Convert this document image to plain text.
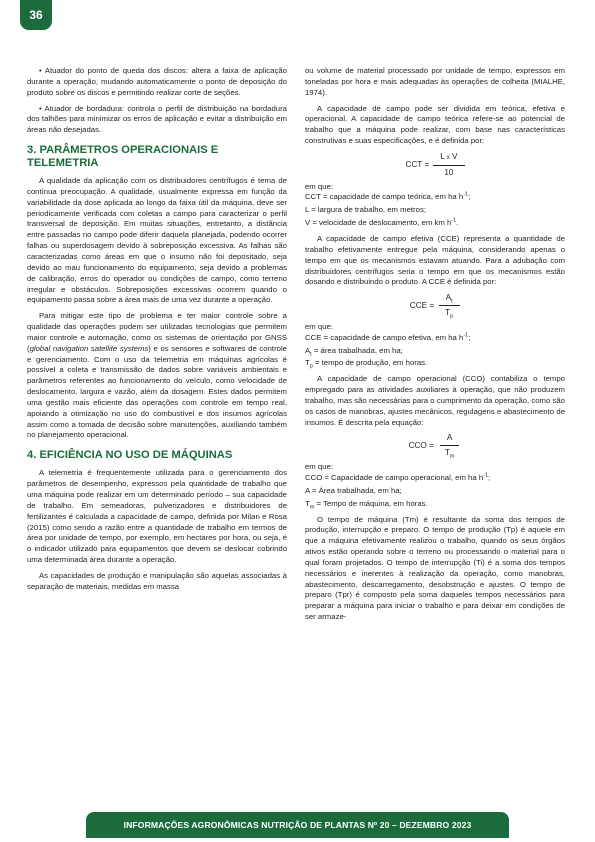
36

• Atuador do ponto de queda dos discos: altera a faixa de aplicação durante a operação, mudando automaticamente o ponto de deposição do produto sobre os discos e permitindo realizar corte de seções.

• Atuador de bordadura: controla o perfil de distribuição na bordadura dos talhões para minimizar os erros de aplicação e evitar a distribuição em áreas não desejadas.

3. PARÂMETROS OPERACIONAIS E TELEMETRIA

A qualidade da aplicação com os distribuidores centrífugos é tema de contínua preocupação. A qualidade, usualmente expressa em função da variabilidade da dose aplicada ao longo da faixa útil da máquina, deve ser periodicamente verificada com coletas a campo para caracterizar o perfil transversal de deposição. Em muitas situações, entretanto, a distância entre passadas no campo pode diferir daquela planejada, podendo ocorrer falhas ou superdosagem devido à sobreposição excessiva. As falhas são caracterizadas como áreas em que o insumo não foi depositado, seja devido ao mau funcionamento do equipamento, seja devido a problemas de calibração, erros do operador ou condições de campo, como terreno irregular e obstáculos. Sobreposições excessivas ocorrem quando o equipamento passa sobre a área mais de uma vez durante a operação.

Para mitigar este tipo de problema e ter maior controle sobre a qualidade das operações podem ser utilizadas tecnologias que permitem maior controle e automação, como os sistemas de orientação por GNSS (global navigation satellite systems) e os sensores e softwares de controle e gerenciamento. Com o uso da telemetria em máquinas agrícolas é possível a coleta e transmissão de dados sobre variáveis ambientais e parâmetros referentes ao funcionamento do veículo, como velocidade de deslocamento, largura e vazão, além da dosagem. Estes dados permitem uma gestão mais eficiente das operações com controle em tempo real, apoiando a otimização no uso do combustível e dos insumos agrícolas assim como a tomada de decisão sobre manutenções, auxiliando também no planejamento operacional.

4. EFICIÊNCIA NO USO DE MÁQUINAS

A telemetria é frequentemente utilizada para o gerenciamento dos parâmetros de desempenho, expressos pela quantidade de trabalho que uma máquina pode realizar em um determinado período – sua capacidade de trabalho. Em semeadoras, pulverizadores e distribuidores de fertilizantes é calculada a capacidade de campo, definida por Milan e Rosa (2015) como sendo a razão entre a quantidade de trabalho em termos de área por unidade de tempo, por exemplo, em hectares por hora, ou seja, é o indicador utilizado para equipamentos que devem se deslocar cobrindo uma determinada área durante a operação.

As capacidades de produção e manipulação são aquelas associadas à separação de materiais, medidas em massa

ou volume de material processado por unidade de tempo, expressos em toneladas por hora e mais adequadas às operações de colheita (MIALHE, 1974).

A capacidade de campo pode ser dividida em teórica, efetiva e operacional. A capacidade de campo teórica refere-se ao potencial de trabalho que a máquina pode realizar, com base nas características construtivas e suas especificações, e é definida por:

CCT = $\frac{\text{L x V}}{10}$

em que:

CCT = capacidade de campo teórica, em ha $h^{-1}$;

L = largura de trabalho, em metros;

V = velocidade de deslocamento, em km $h^{-1}$.

A capacidade de campo efetiva (CCE) representa a quantidade de trabalho efetivamente entregue pela máquina, considerando apenas o tempo em que os mecanismos estavam atuando. Para a adubação com distribuidores centrífugos seria o tempo em que os mecanismos estão dosando e distribuindo o produto. A CCE é definida por:

CCE = $\frac{A_t}{T_p}$

em que:

CCE = capacidade de campo efetiva, em ha $h^{-1}$;

$A_t$ = área trabalhada, em ha;

$T_p$ = tempo de produção, em horas.

A capacidade de campo operacional (CCO) contabiliza o tempo empregado para as atividades auxiliares à operação, que não produzem trabalho, mas são necessárias para o cumprimento da operação, como são os casos de manobras, ajustes mecânicos, regulagens e abastecimento de insumos. É descrita pela equação:

CCO = $\frac{A}{T_m}$

em que:

CCO = Capacidade de campo operacional, em ha $h^{-1}$;

A = Área trabalhada, em ha;

$T_m$ = Tempo de máquina, em horas.

O tempo de máquina (Tm) é resultante da soma dos tempos de produção, interrupção e preparo. O tempo de produção (Tp) é aquele em que a máquina efetivamente realizou o trabalho, quando os seus órgãos ativos estão operando sobre o terreno ou processando o material para o qual foram projetados. O tempo de interrupção (Ti) é a soma dos tempos necessários e inerentes à realização da operação, como manobras, abastecimento, descarregamento, desobstrução e ajustes. O tempo de preparo (Tpr) é composto pela soma daqueles tempos necessários para preparar a máquina para iniciar o trabalho e para deixar em condições de ser armaze-

INFORMAÇÕES AGRONÔMICAS NUTRIÇÃO DE PLANTAS Nº 20 – DEZEMBRO 2023
